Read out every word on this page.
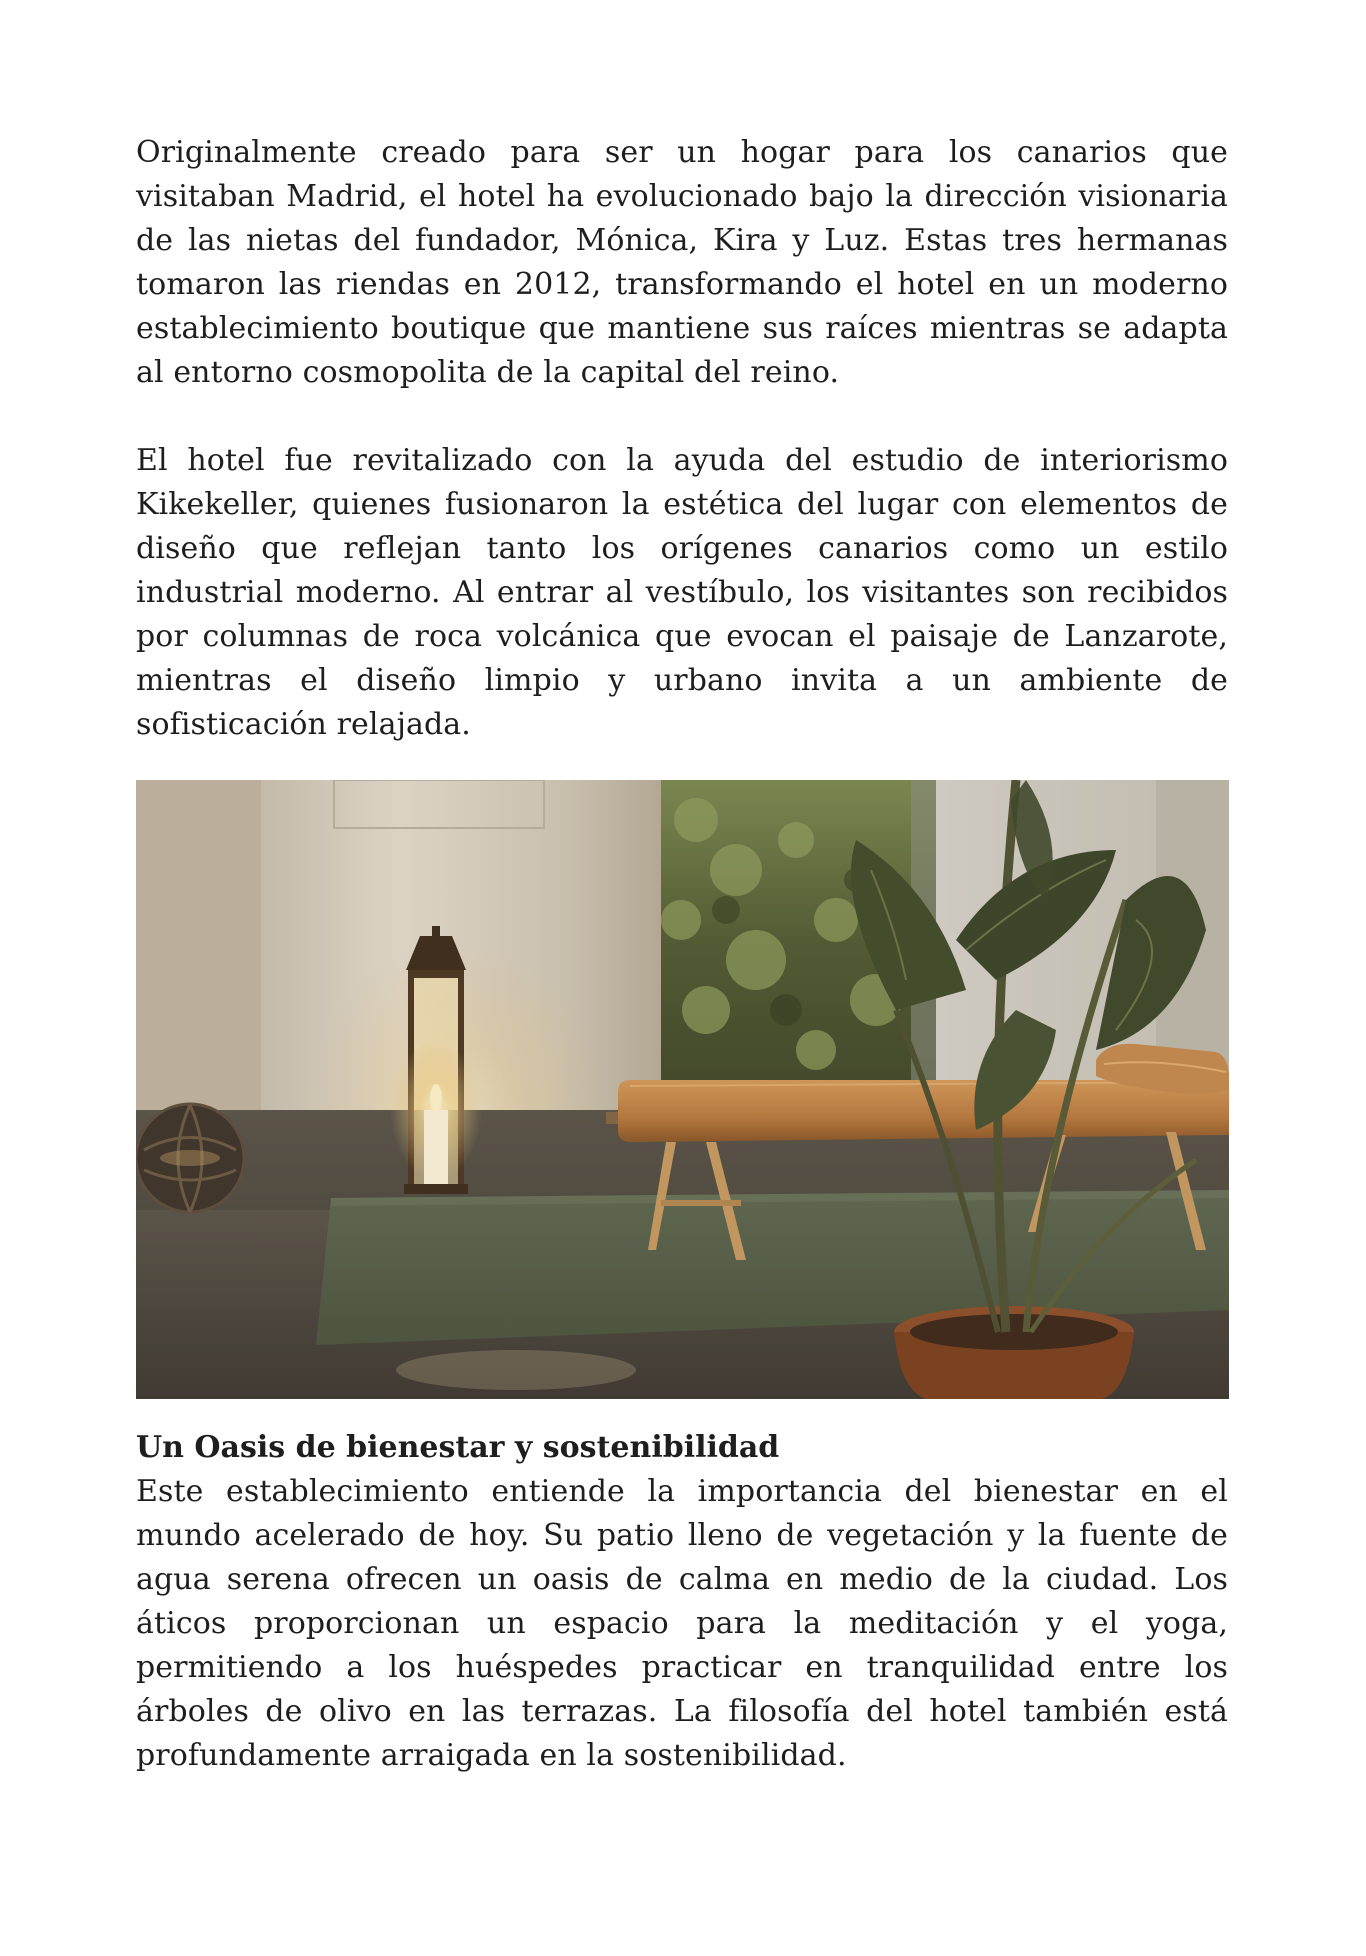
Originalmente creado para ser un hogar para los canarios que visitaban Madrid, el hotel ha evolucionado bajo la dirección visionaria de las nietas del fundador, Mónica, Kira y Luz. Estas tres hermanas tomaron las riendas en 2012, transformando el hotel en un moderno establecimiento boutique que mantiene sus raíces mientras se adapta al entorno cosmopolita de la capital del reino.

El hotel fue revitalizado con la ayuda del estudio de interiorismo Kikekeller, quienes fusionaron la estética del lugar con elementos de diseño que reflejan tanto los orígenes canarios como un estilo industrial moderno. Al entrar al vestíbulo, los visitantes son recibidos por columnas de roca volcánica que evocan el paisaje de Lanzarote, mientras el diseño limpio y urbano invita a un ambiente de sofisticación relajada.

Un Oasis de bienestar y sostenibilidad

Este establecimiento entiende la importancia del bienestar en el mundo acelerado de hoy. Su patio lleno de vegetación y la fuente de agua serena ofrecen un oasis de calma en medio de la ciudad. Los áticos proporcionan un espacio para la meditación y el yoga, permitiendo a los huéspedes practicar en tranquilidad entre los árboles de olivo en las terrazas. La filosofía del hotel también está profundamente arraigada en la sostenibilidad.
